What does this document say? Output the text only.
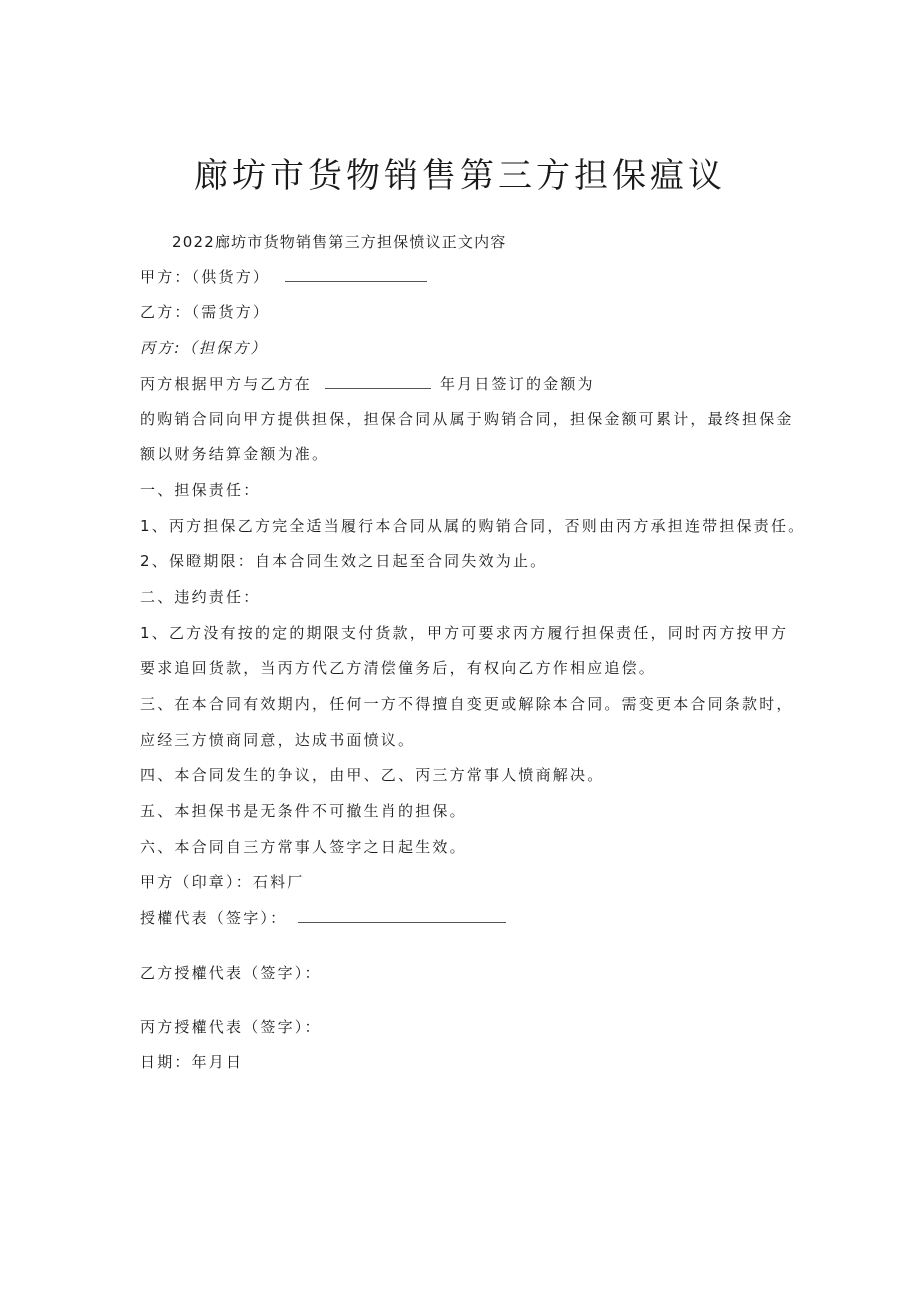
廊坊市货物销售第三方担保瘟议
2022廊坊市货物销售第三方担保愤议正文内容
甲方：（供货方）
乙方：（需货方）
丙方:（担保方）
丙方根据甲方与乙方在	年月日签订的金额为
的购销合同向甲方提供担保，担保合同从属于购销合同，担保金额可累计，最终担保金
额以财务结算金额为准。
一、担保责任：
1、丙方担保乙方完全适当履行本合同从属的购销合同，否则由丙方承担连带担保责任。
2、保瞪期限：自本合同生效之日起至合同失效为止。
二、违约责任：
1、乙方没有按的定的期限支付货款，甲方可要求丙方履行担保责任，同时丙方按甲方
要求追回货款，当丙方代乙方清偿僮务后，有权向乙方作相应追偿。
三、在本合同有效期内，任何一方不得擅自变更或解除本合同。需变更本合同条款时，
应经三方愤商同意，达成书面愤议。
四、本合同发生的争议，由甲、乙、丙三方常事人愤商解决。
五、本担保书是无条件不可撤生肖的担保。
六、本合同自三方常事人签字之日起生效。
甲方（印章）：石料厂
授權代表（签字）：
乙方授權代表（签字）：
丙方授權代表（签字）：
日期：年月日
